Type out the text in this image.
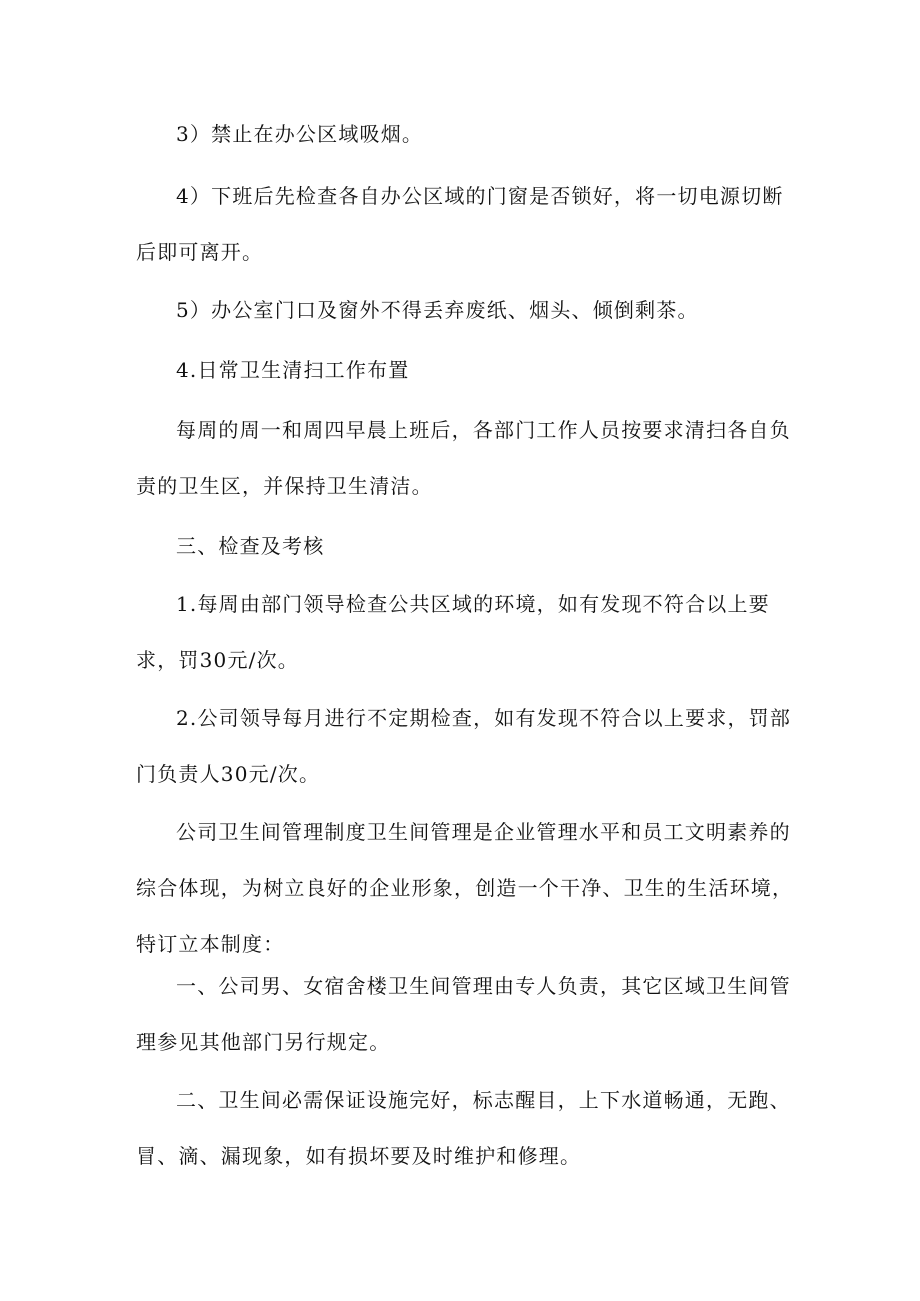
3）禁止在办公区域吸烟。

4）下班后先检查各自办公区域的门窗是否锁好，将一切电源切断后即可离开。

5）办公室门口及窗外不得丢弃废纸、烟头、倾倒剩茶。

4.日常卫生清扫工作布置

每周的周一和周四早晨上班后，各部门工作人员按要求清扫各自负责的卫生区，并保持卫生清洁。

三、检查及考核

1.每周由部门领导检查公共区域的环境，如有发现不符合以上要求，罚30元/次。

2.公司领导每月进行不定期检查，如有发现不符合以上要求，罚部门负责人30元/次。

公司卫生间管理制度卫生间管理是企业管理水平和员工文明素养的综合体现，为树立良好的企业形象，创造一个干净、卫生的生活环境，特订立本制度：

一、公司男、女宿舍楼卫生间管理由专人负责，其它区域卫生间管理参见其他部门另行规定。

二、卫生间必需保证设施完好，标志醒目，上下水道畅通，无跑、冒、滴、漏现象，如有损坏要及时维护和修理。
